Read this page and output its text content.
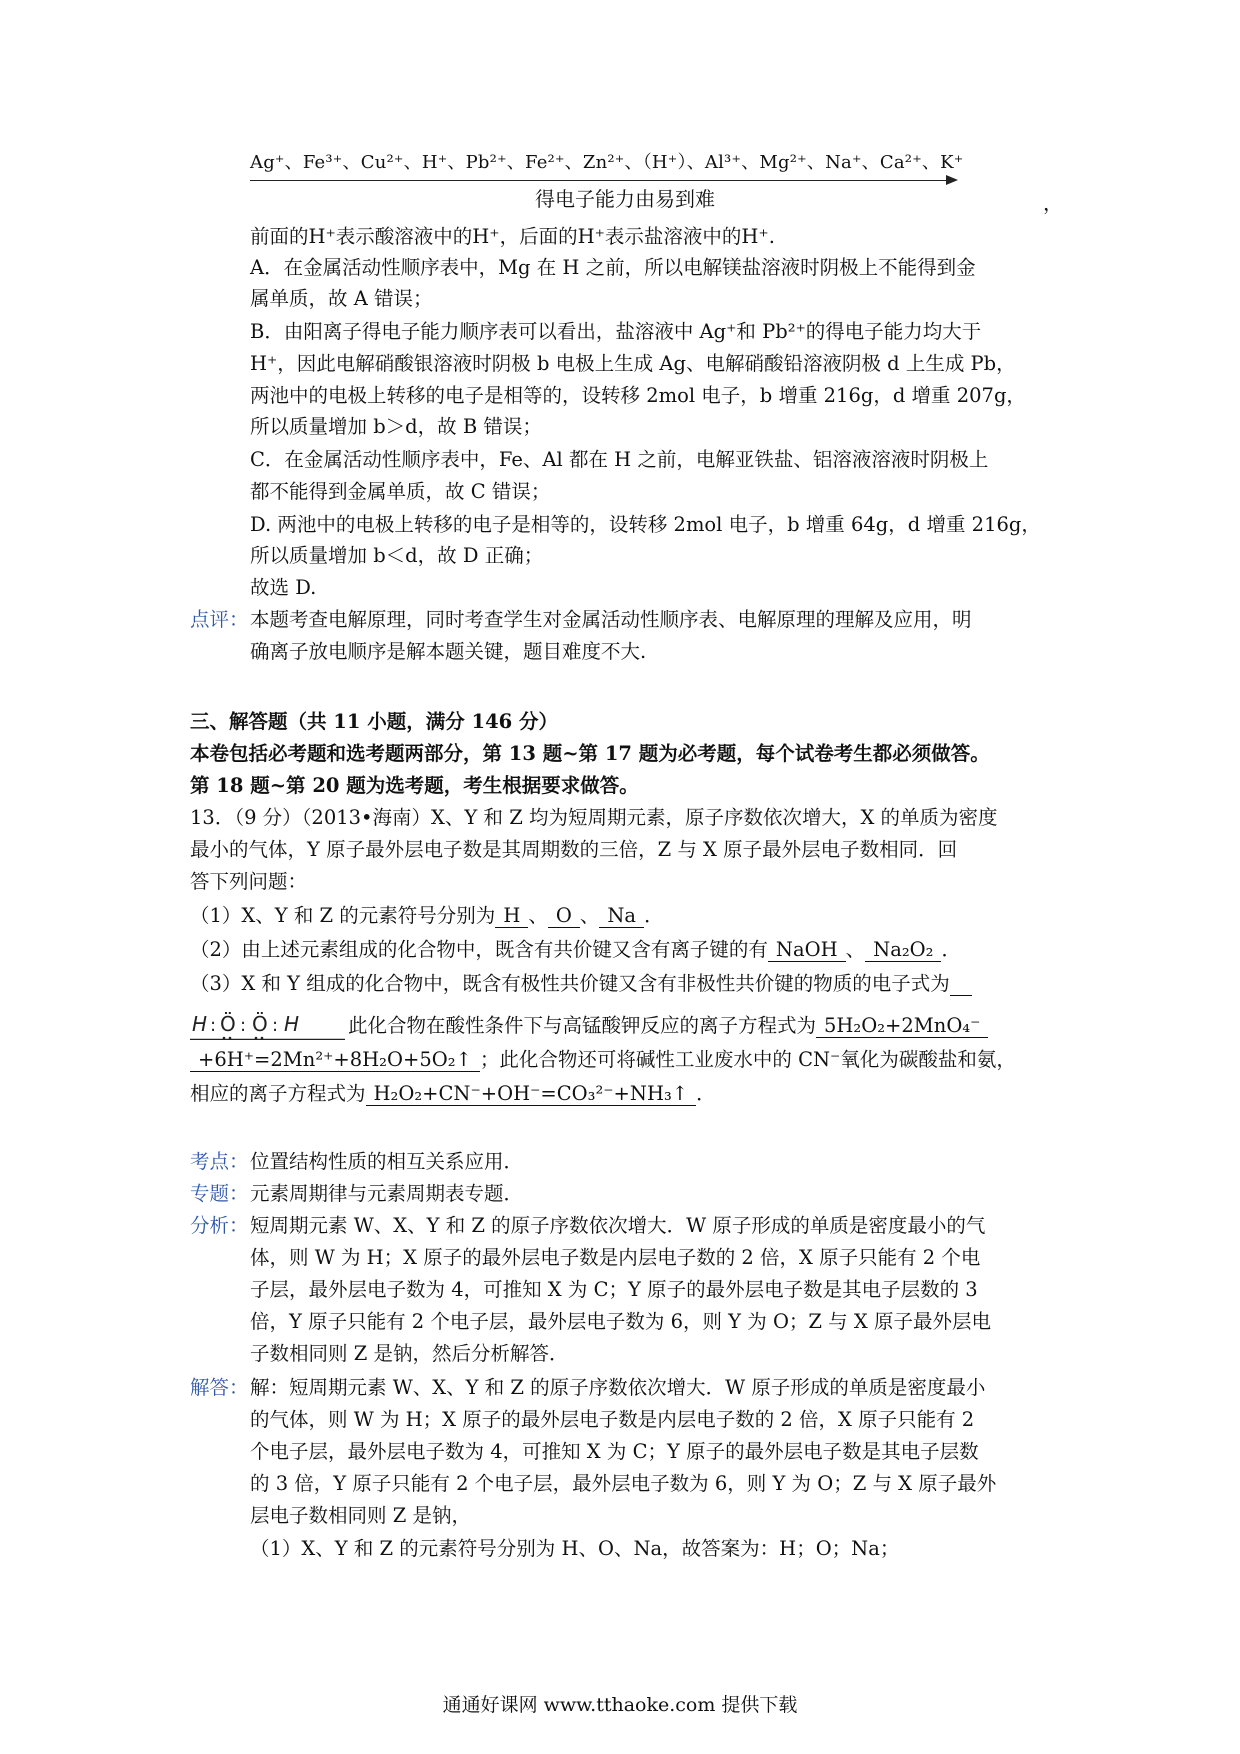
Ag⁺、Fe³⁺、Cu²⁺、H⁺、Pb²⁺、Fe²⁺、Zn²⁺、（H⁺）、Al³⁺、Mg²⁺、Na⁺、Ca²⁺、K⁺
得电子能力由易到难	，
前面的H⁺表示酸溶液中的H⁺，后面的H⁺表示盐溶液中的H⁺.
A．在金属活动性顺序表中，Mg 在 H 之前，所以电解镁盐溶液时阴极上不能得到金
属单质，故 A 错误；
B．由阳离子得电子能力顺序表可以看出，盐溶液中 Ag⁺和 Pb²⁺的得电子能力均大于
H⁺，因此电解硝酸银溶液时阴极 b 电极上生成 Ag、电解硝酸铅溶液阴极 d 上生成 Pb，
两池中的电极上转移的电子是相等的，设转移 2mol 电子，b 增重 216g，d 增重 207g，
所以质量增加 b＞d，故 B 错误；
C．在金属活动性顺序表中，Fe、Al 都在 H 之前，电解亚铁盐、铝溶液溶液时阴极上
都不能得到金属单质，故 C 错误；
D. 两池中的电极上转移的电子是相等的，设转移 2mol 电子，b 增重 64g，d 增重 216g，
所以质量增加 b＜d，故 D 正确；
故选 D.
点评： 本题考查电解原理，同时考查学生对金属活动性顺序表、电解原理的理解及应用，明
确离子放电顺序是解本题关键，题目难度不大.
三、解答题（共 11 小题，满分 146 分）
本卷包括必考题和选考题两部分，第 13 题~第 17 题为必考题，每个试卷考生都必须做答。
第 18 题~第 20 题为选考题，考生根据要求做答。
13．（9 分）（2013•海南）X、Y 和 Z 均为短周期元素，原子序数依次增大，X 的单质为密度
最小的气体，Y 原子最外层电子数是其周期数的三倍，Z 与 X 原子最外层电子数相同．回
答下列问题：
（1）X、Y 和 Z 的元素符号分别为 H 、 O 、 Na ．
（2）由上述元素组成的化合物中，既含有共价键又含有离子键的有 NaOH 、 Na₂O₂ ．
（3）X 和 Y 组成的化合物中，既含有极性共价键又含有非极性共价键的物质的电子式为
H : Ö : Ö : H	此化合物在酸性条件下与高锰酸钾反应的离子方程式为 5H₂O₂+2MnO₄⁻
+6H⁺=2Mn²⁺+8H₂O+5O₂↑ ；此化合物还可将碱性工业废水中的 CN⁻氧化为碳酸盐和氨，
相应的离子方程式为 H₂O₂+CN⁻+OH⁻=CO₃²⁻+NH₃↑ ．
考点： 位置结构性质的相互关系应用．
专题： 元素周期律与元素周期表专题．
分析： 短周期元素 W、X、Y 和 Z 的原子序数依次增大．W 原子形成的单质是密度最小的气
体，则 W 为 H；X 原子的最外层电子数是内层电子数的 2 倍，X 原子只能有 2 个电
子层，最外层电子数为 4，可推知 X 为 C；Y 原子的最外层电子数是其电子层数的 3
倍，Y 原子只能有 2 个电子层，最外层电子数为 6，则 Y 为 O；Z 与 X 原子最外层电
子数相同则 Z 是钠，然后分析解答．
解答： 解：短周期元素 W、X、Y 和 Z 的原子序数依次增大．W 原子形成的单质是密度最小
的气体，则 W 为 H；X 原子的最外层电子数是内层电子数的 2 倍，X 原子只能有 2
个电子层，最外层电子数为 4，可推知 X 为 C；Y 原子的最外层电子数是其电子层数
的 3 倍，Y 原子只能有 2 个电子层，最外层电子数为 6，则 Y 为 O；Z 与 X 原子最外
层电子数相同则 Z 是钠，
（1）X、Y 和 Z 的元素符号分别为 H、O、Na，故答案为：H；O；Na；
通通好课网 www.tthaoke.com 提供下载
